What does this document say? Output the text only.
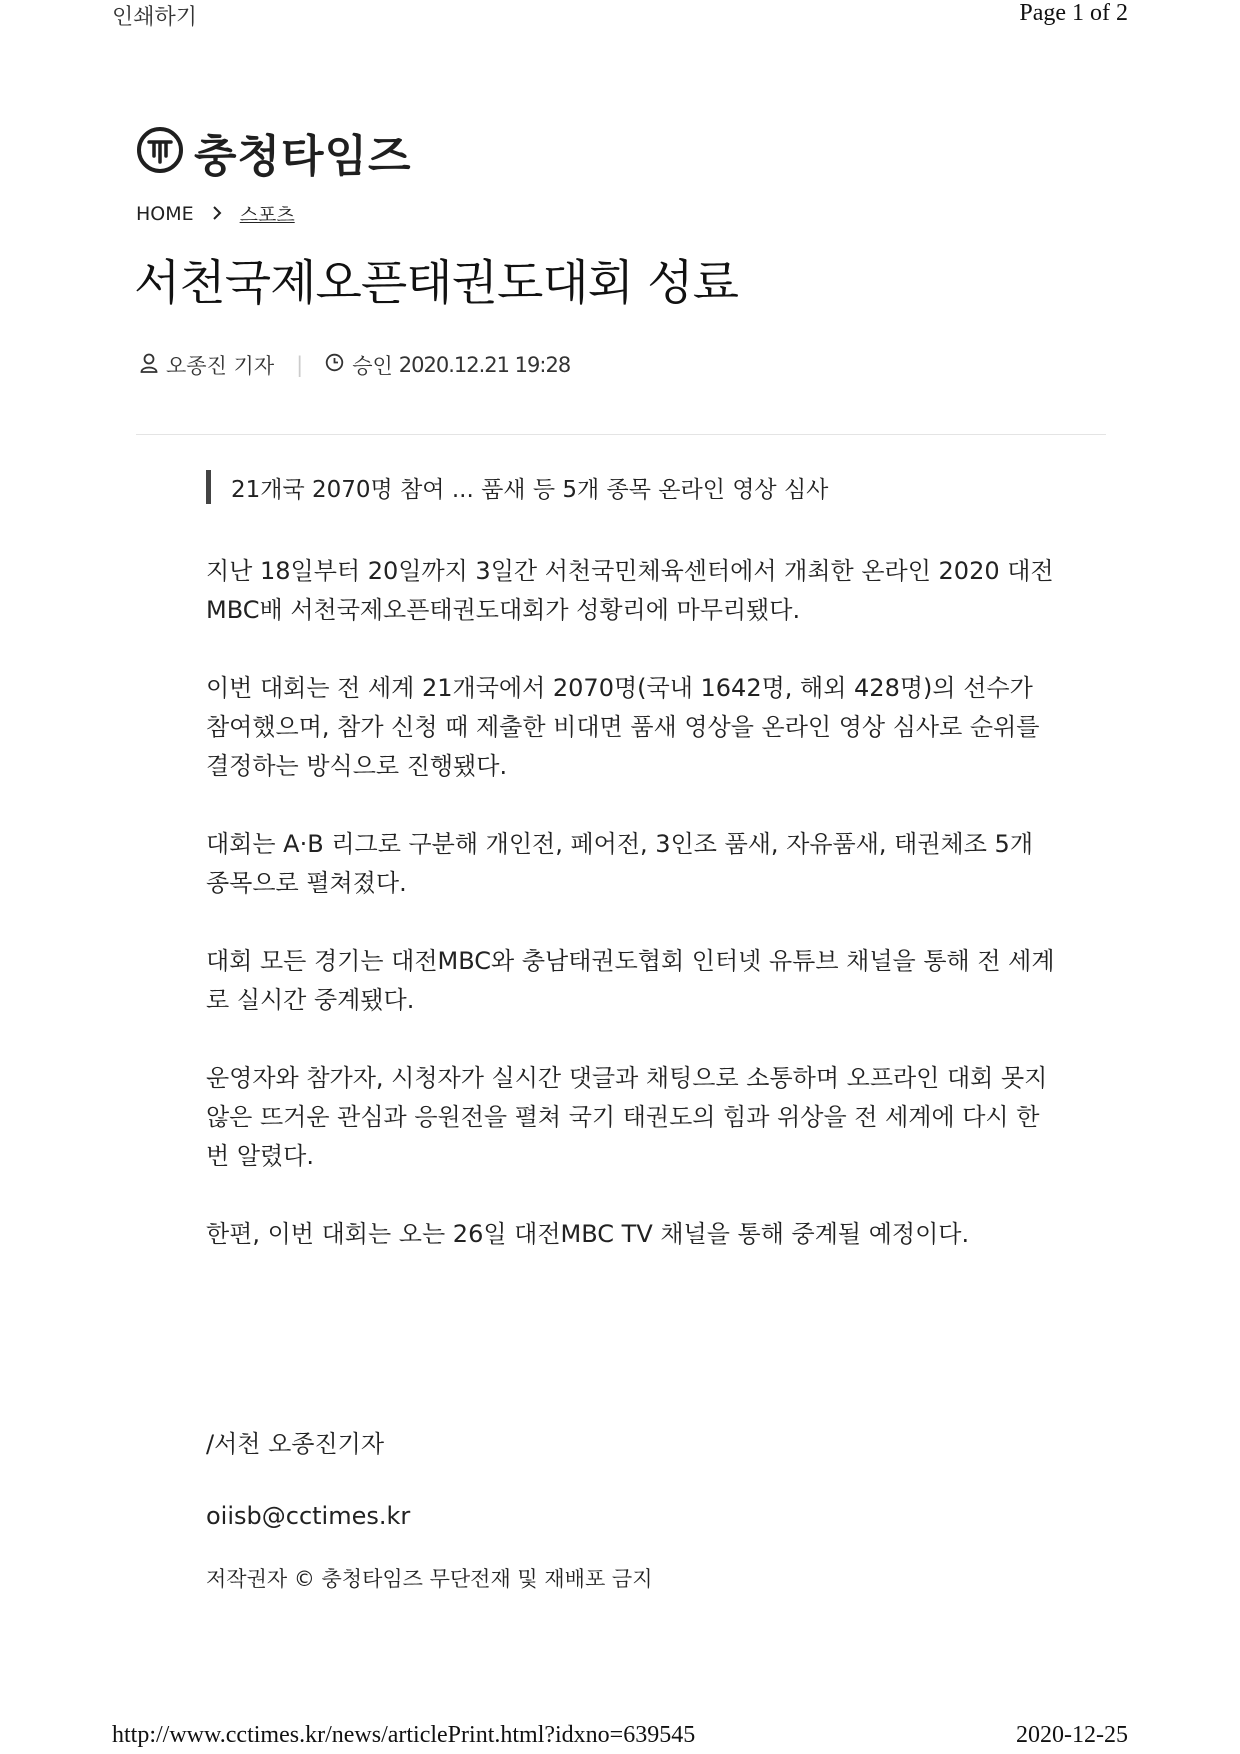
인쇄하기	Page 1 of 2
충청타임즈
HOME 스포츠
서천국제오픈태권도대회 성료
오종진 기자 | 승인 2020.12.21 19:28
21개국 2070명 참여 ... 품새 등 5개 종목 온라인 영상 심사

지난 18일부터 20일까지 3일간 서천국민체육센터에서 개최한 온라인 2020 대전MBC배 서천국제오픈태권도대회가 성황리에 마무리됐다.

이번 대회는 전 세계 21개국에서 2070명(국내 1642명, 해외 428명)의 선수가 참여했으며, 참가 신청 때 제출한 비대면 품새 영상을 온라인 영상 심사로 순위를 결정하는 방식으로 진행됐다.

대회는 A·B 리그로 구분해 개인전, 페어전, 3인조 품새, 자유품새, 태권체조 5개 종목으로 펼쳐졌다.

대회 모든 경기는 대전MBC와 충남태권도협회 인터넷 유튜브 채널을 통해 전 세계로 실시간 중계됐다.

운영자와 참가자, 시청자가 실시간 댓글과 채팅으로 소통하며 오프라인 대회 못지않은 뜨거운 관심과 응원전을 펼쳐 국기 태권도의 힘과 위상을 전 세계에 다시 한번 알렸다.

한편, 이번 대회는 오는 26일 대전MBC TV 채널을 통해 중계될 예정이다.

/서천 오종진기자
oiisb@cctimes.kr
저작권자 © 충청타임즈 무단전재 및 재배포 금지
http://www.cctimes.kr/news/articlePrint.html?idxno=639545	2020-12-25
